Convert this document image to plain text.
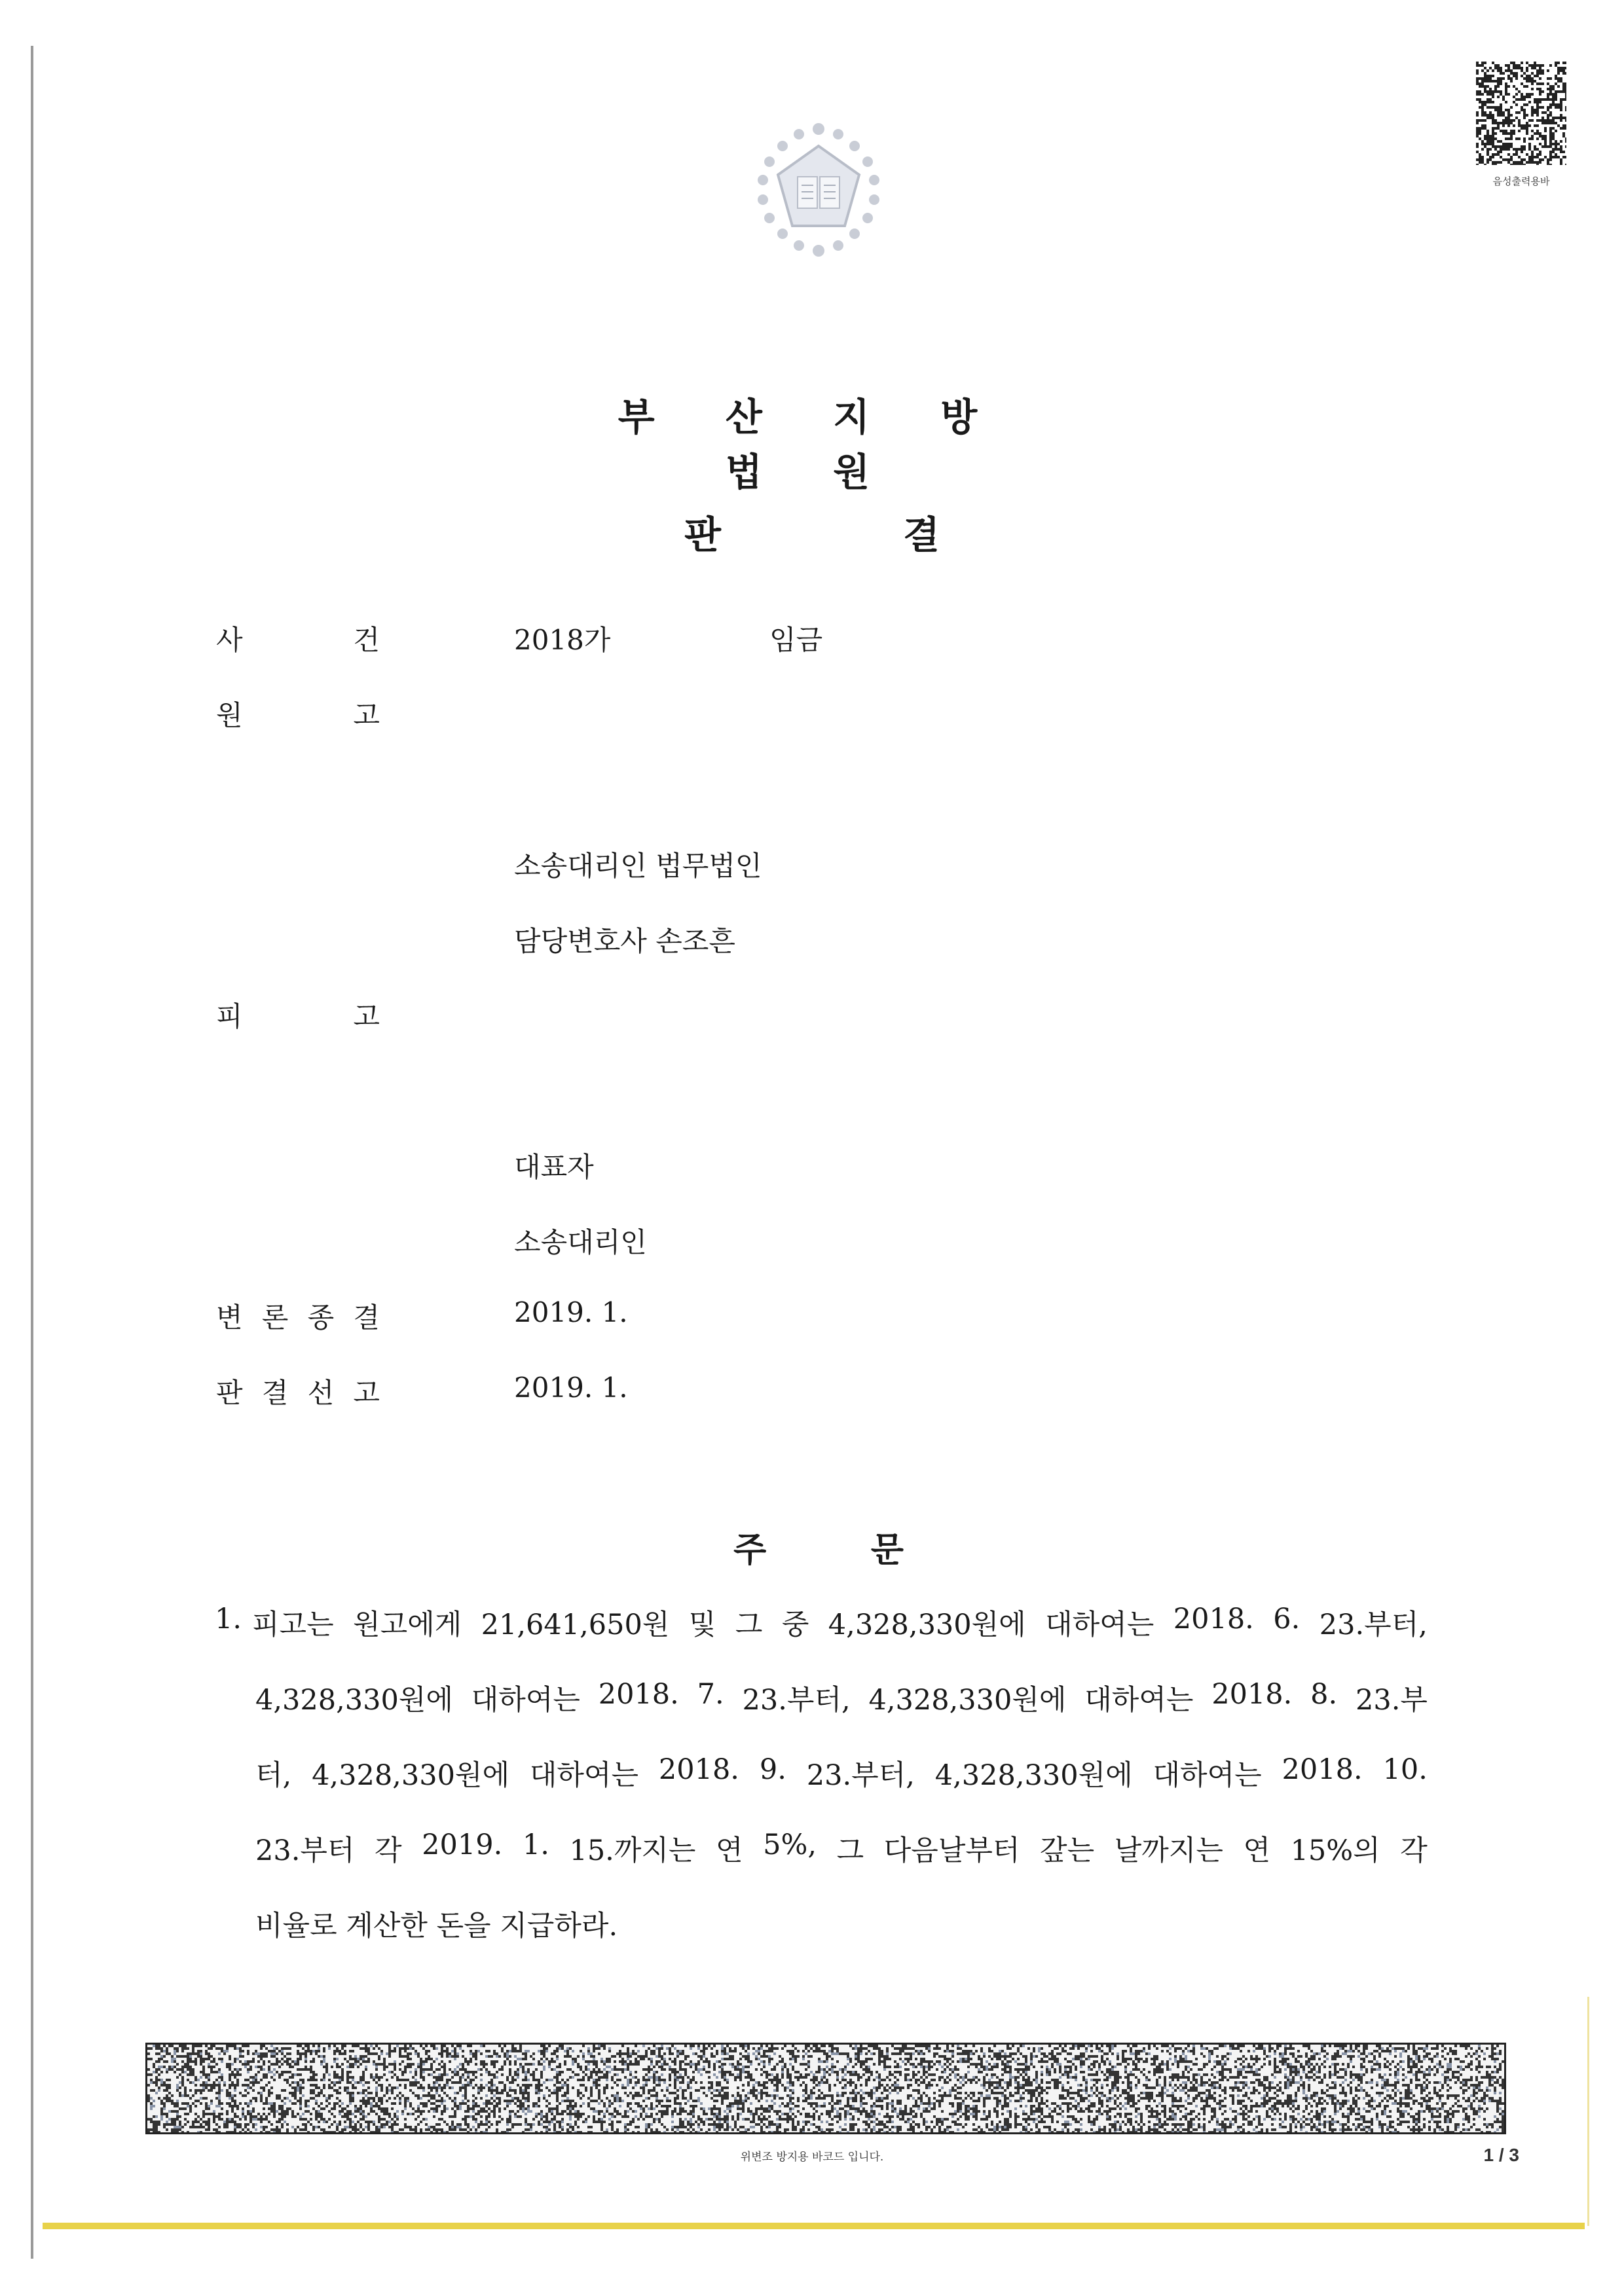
음성출력용바
부 산 지 방 법 원
판	결
사	건	2018가	임금
원	고
소송대리인 법무법인
담당변호사 손조흔
피	고
대표자
소송대리인
변 론 종 결	2019. 1.
판 결 선 고	2019. 1.
주	문
1. 피고는 원고에게 21,641,650원 및 그 중 4,328,330원에 대하여는 2018. 6. 23.부터,
4,328,330원에 대하여는 2018. 7. 23.부터, 4,328,330원에 대하여는 2018. 8. 23.부
터, 4,328,330원에 대하여는 2018. 9. 23.부터, 4,328,330원에 대하여는 2018. 10.
23.부터 각 2019. 1. 15.까지는 연 5%, 그 다음날부터 갚는 날까지는 연 15%의 각
비율로 계산한 돈을 지급하라.
위변조 방지용 바코드 입니다.	1 / 3
